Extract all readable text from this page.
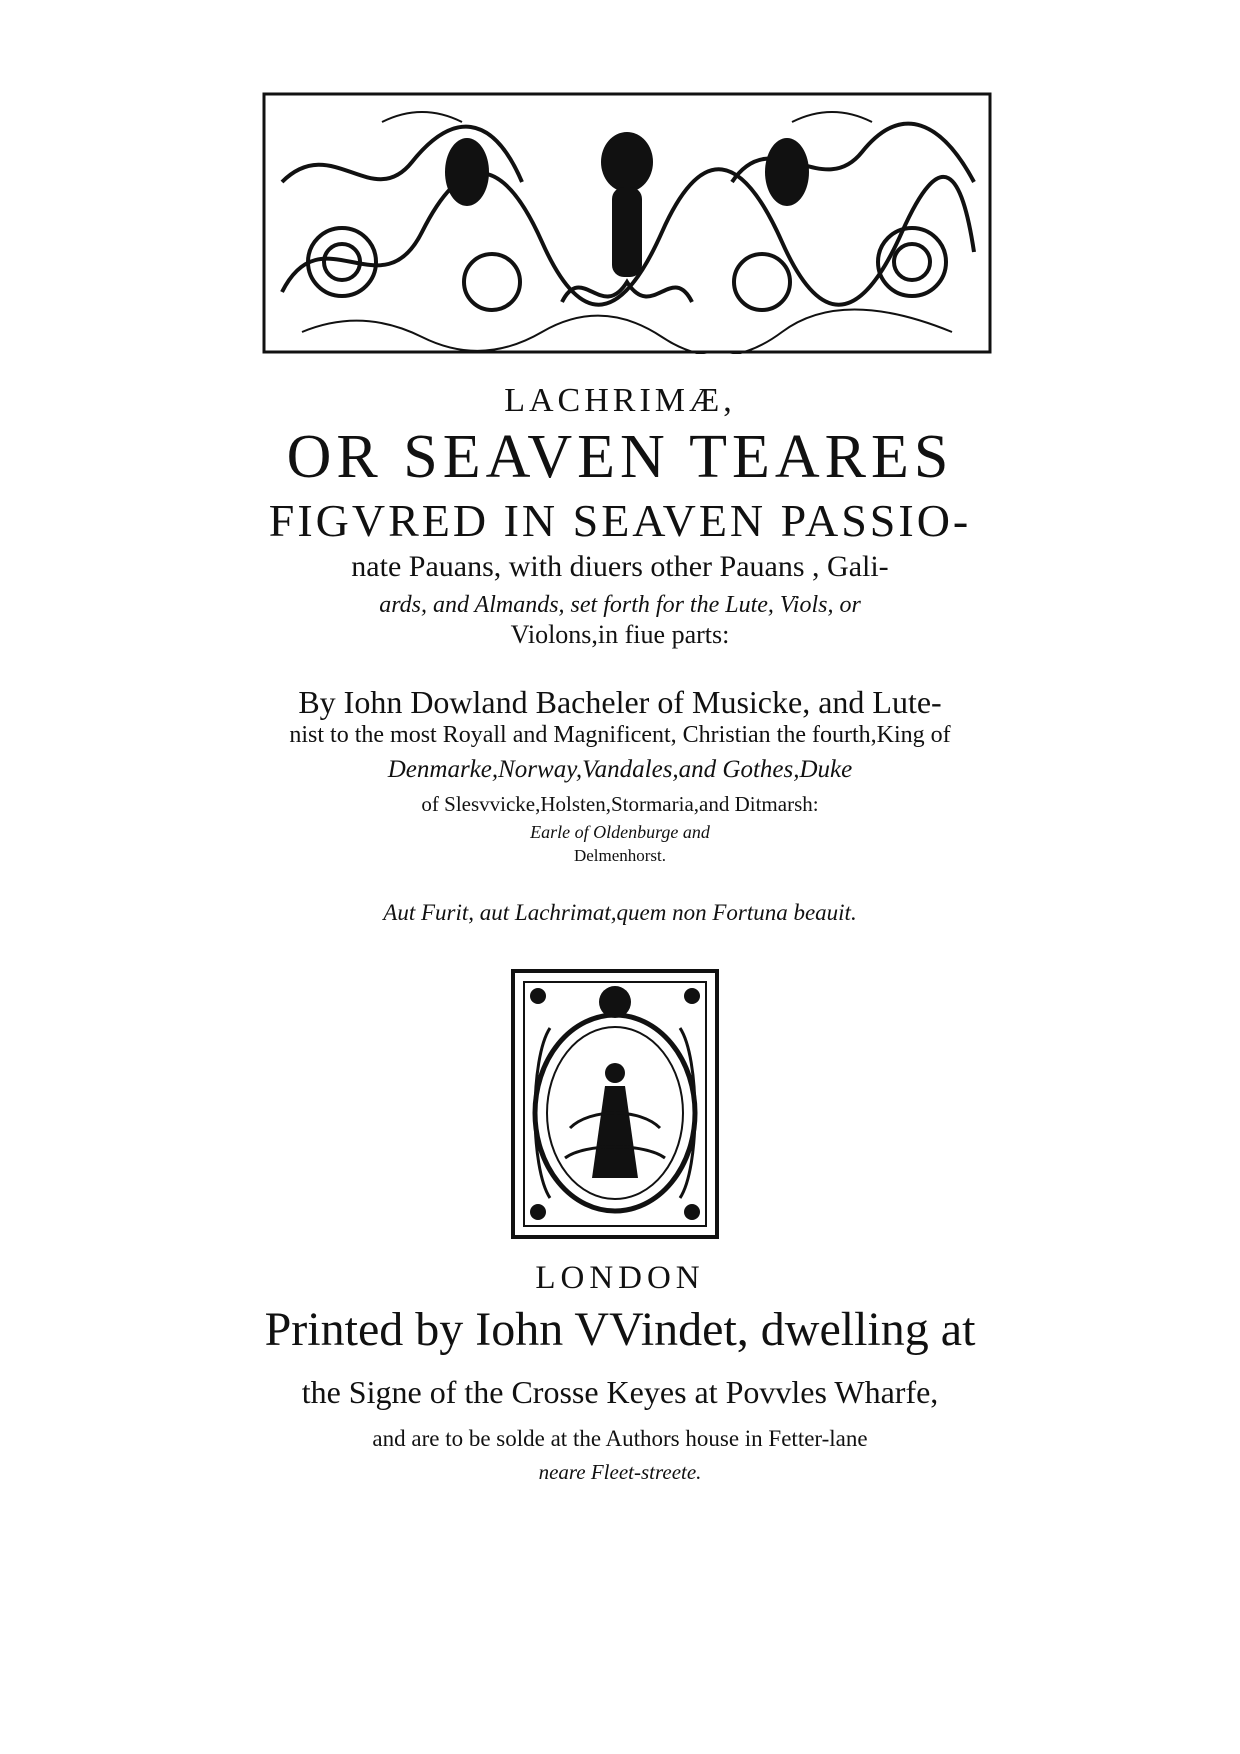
LACHRIMÆ,
OR SEAVEN TEARES
FIGVRED IN SEAVEN PASSIO-
nate Pauans, with diuers other Pauans , Gali-
ards, and Almands, set forth for the Lute, Viols, or
Violons,in fiue parts:
By Iohn Dowland Bacheler of Musicke, and Lute-
nist to the most Royall and Magnificent, Christian the fourth,King of
Denmarke,Norway,Vandales,and Gothes,Duke
of Slesvvicke,Holsten,Stormaria,and Ditmarsh:
Earle of Oldenburge and
Delmenhorst.
Aut Furit, aut Lachrimat,quem non Fortuna beauit.
LONDON
Printed by Iohn VVindet, dwelling at
the Signe of the Crosse Keyes at Povvles Wharfe,
and are to be solde at the Authors house in Fetter-lane
neare Fleet-streete.
